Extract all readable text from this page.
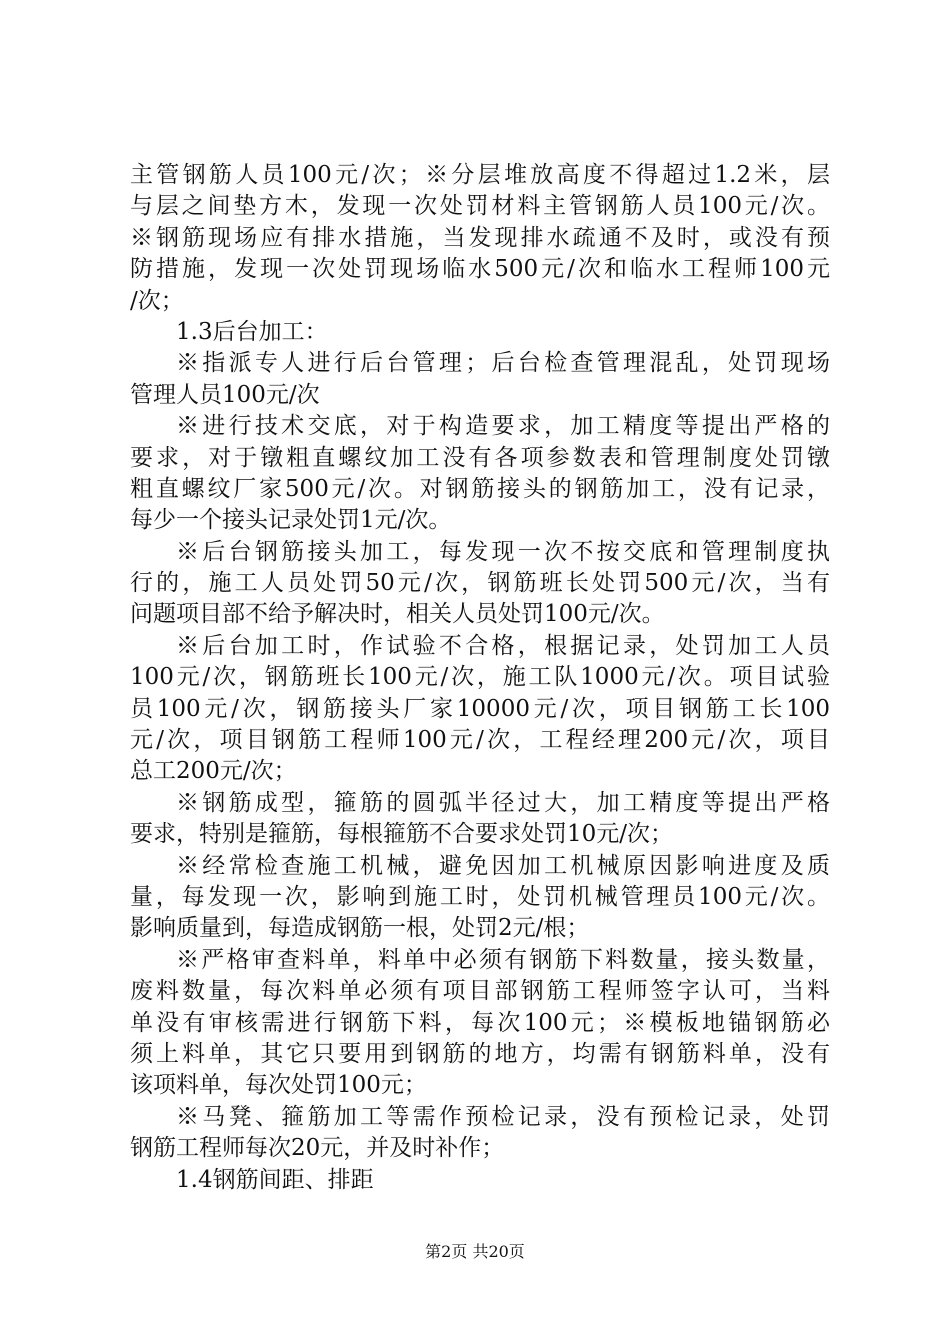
主管钢筋人员100元/次；※分层堆放高度不得超过1.2米，层
与层之间垫方木，发现一次处罚材料主管钢筋人员100元/次。
※钢筋现场应有排水措施，当发现排水疏通不及时，或没有预
防措施，发现一次处罚现场临水500元/次和临水工程师100元
/次；
1.3后台加工：
※指派专人进行后台管理；后台检查管理混乱，处罚现场
管理人员100元/次
※进行技术交底，对于构造要求，加工精度等提出严格的
要求，对于镦粗直螺纹加工没有各项参数表和管理制度处罚镦
粗直螺纹厂家500元/次。对钢筋接头的钢筋加工，没有记录，
每少一个接头记录处罚1元/次。
※后台钢筋接头加工，每发现一次不按交底和管理制度执
行的，施工人员处罚50元/次，钢筋班长处罚500元/次，当有
问题项目部不给予解决时，相关人员处罚100元/次。
※后台加工时，作试验不合格，根据记录，处罚加工人员
100元/次，钢筋班长100元/次，施工队1000元/次。项目试验
员100元/次，钢筋接头厂家10000元/次，项目钢筋工长100
元/次，项目钢筋工程师100元/次，工程经理200元/次，项目
总工200元/次；
※钢筋成型，箍筋的圆弧半径过大，加工精度等提出严格
要求，特别是箍筋，每根箍筋不合要求处罚10元/次；
※经常检查施工机械，避免因加工机械原因影响进度及质
量，每发现一次，影响到施工时，处罚机械管理员100元/次。
影响质量到，每造成钢筋一根，处罚2元/根；
※严格审查料单，料单中必须有钢筋下料数量，接头数量，
废料数量，每次料单必须有项目部钢筋工程师签字认可，当料
单没有审核需进行钢筋下料，每次100元；※模板地锚钢筋必
须上料单，其它只要用到钢筋的地方，均需有钢筋料单，没有
该项料单，每次处罚100元；
※马凳、箍筋加工等需作预检记录，没有预检记录，处罚
钢筋工程师每次20元，并及时补作；
1.4钢筋间距、排距
第2页 共20页
